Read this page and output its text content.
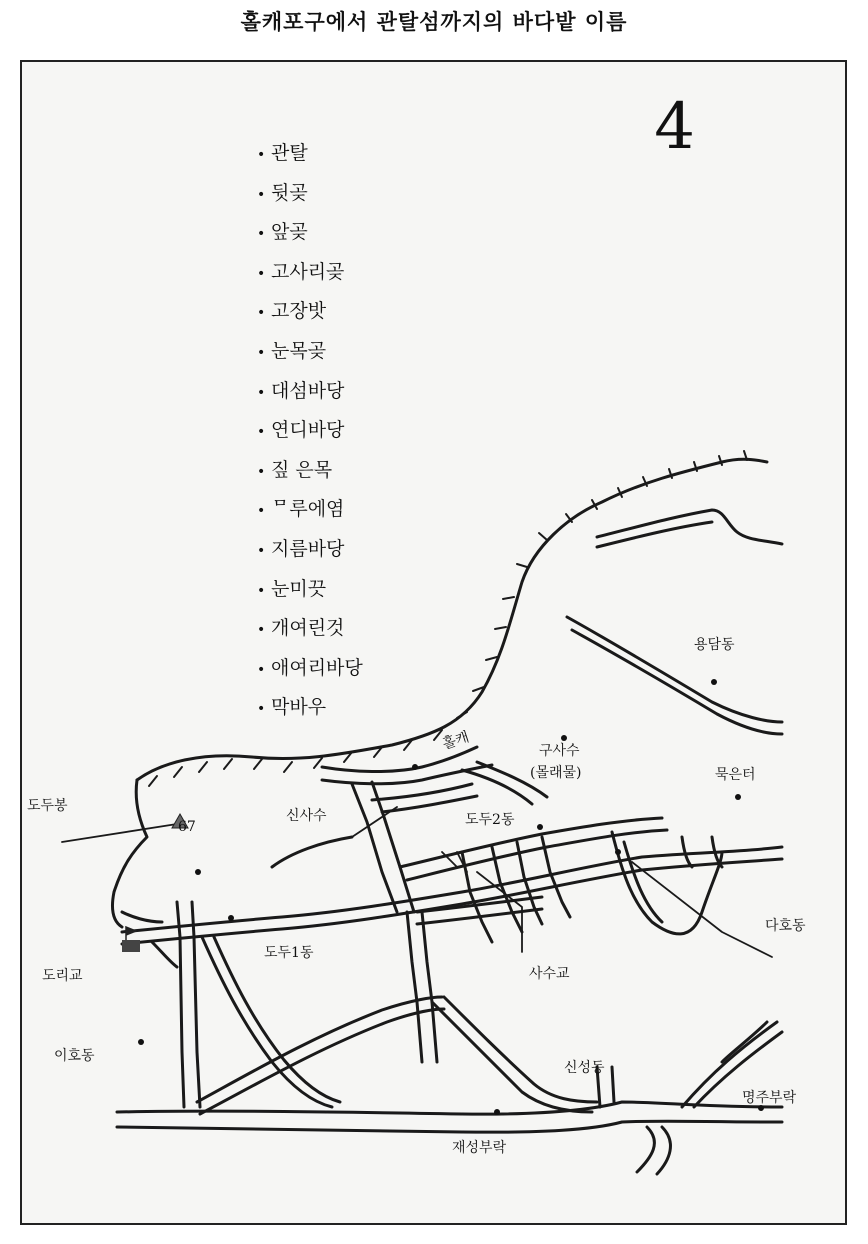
홀캐포구에서 관탈섬까지의 바다밭 이름
4
• 관탈
• 뒷곶
• 앞곶
• 고사리곶
• 고장밧
• 눈목곶
• 대섬바당
• 연디바당
• 짚 은목
• ᄆ루에염
• 지름바당
• 눈미끗
• 개여린것
• 애여리바당
• 막바우
홀캐	구사수
(몰래물)
용담동
묵은터
도두봉
67
신사수	도두2동
다호동
도리교
도두1동
사수교
이호동
신성동
명주부락
재성부락
